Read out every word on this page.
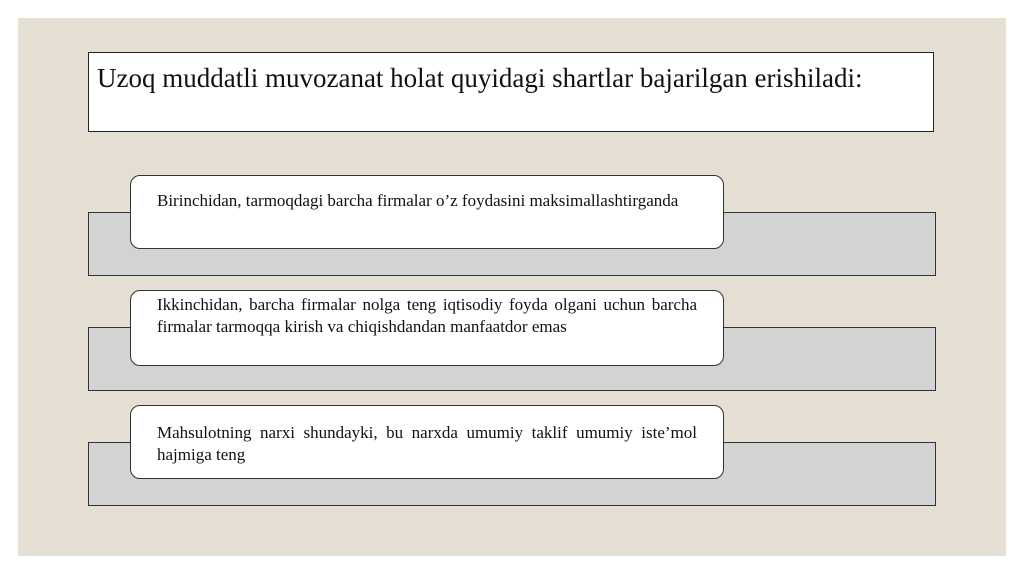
Uzoq muddatli muvozanat holat quyidagi shartlar bajarilgan erishiladi:
Birinchidan, tarmoqdagi barcha firmalar o’z foydasini maksimallashtirganda
Ikkinchidan, barcha firmalar nolga teng iqtisodiy foyda olgani uchun barcha firmalar tarmoqqa kirish va chiqishdandan manfaatdor emas
Mahsulotning narxi shundayki, bu narxda umumiy taklif umumiy iste’mol hajmiga teng
